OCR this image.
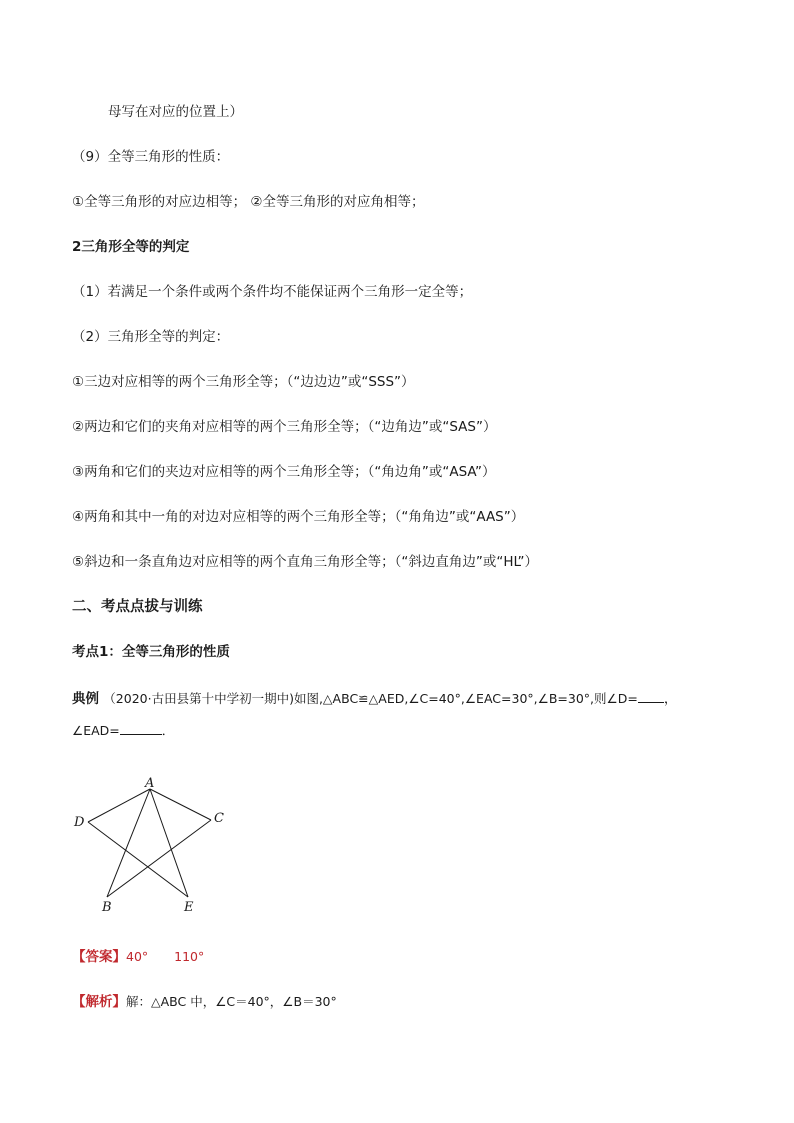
母写在对应的位置上）
（9）全等三角形的性质：
①全等三角形的对应边相等； ②全等三角形的对应角相等；
2三角形全等的判定
（1）若满足一个条件或两个条件均不能保证两个三角形一定全等；
（2）三角形全等的判定：
①三边对应相等的两个三角形全等；（“边边边”或“SSS”）
②两边和它们的夹角对应相等的两个三角形全等；（“边角边”或“SAS”）
③两角和它们的夹边对应相等的两个三角形全等；（“角边角”或“ASA”）
④两角和其中一角的对边对应相等的两个三角形全等；（“角角边”或“AAS”）
⑤斜边和一条直角边对应相等的两个直角三角形全等；（“斜边直角边”或“HL”）
二、考点点拔与训练
考点1：全等三角形的性质
典例 （2020·古田县第十中学初一期中)如图,△ABC≌△AED,∠C=40°,∠EAC=30°,∠B=30°,则∠D= ，
∠EAD=	．
A
D	C
B	E
【答案】40° 110°
【解析】解：△ABC 中，∠C＝40°，∠B＝30°
